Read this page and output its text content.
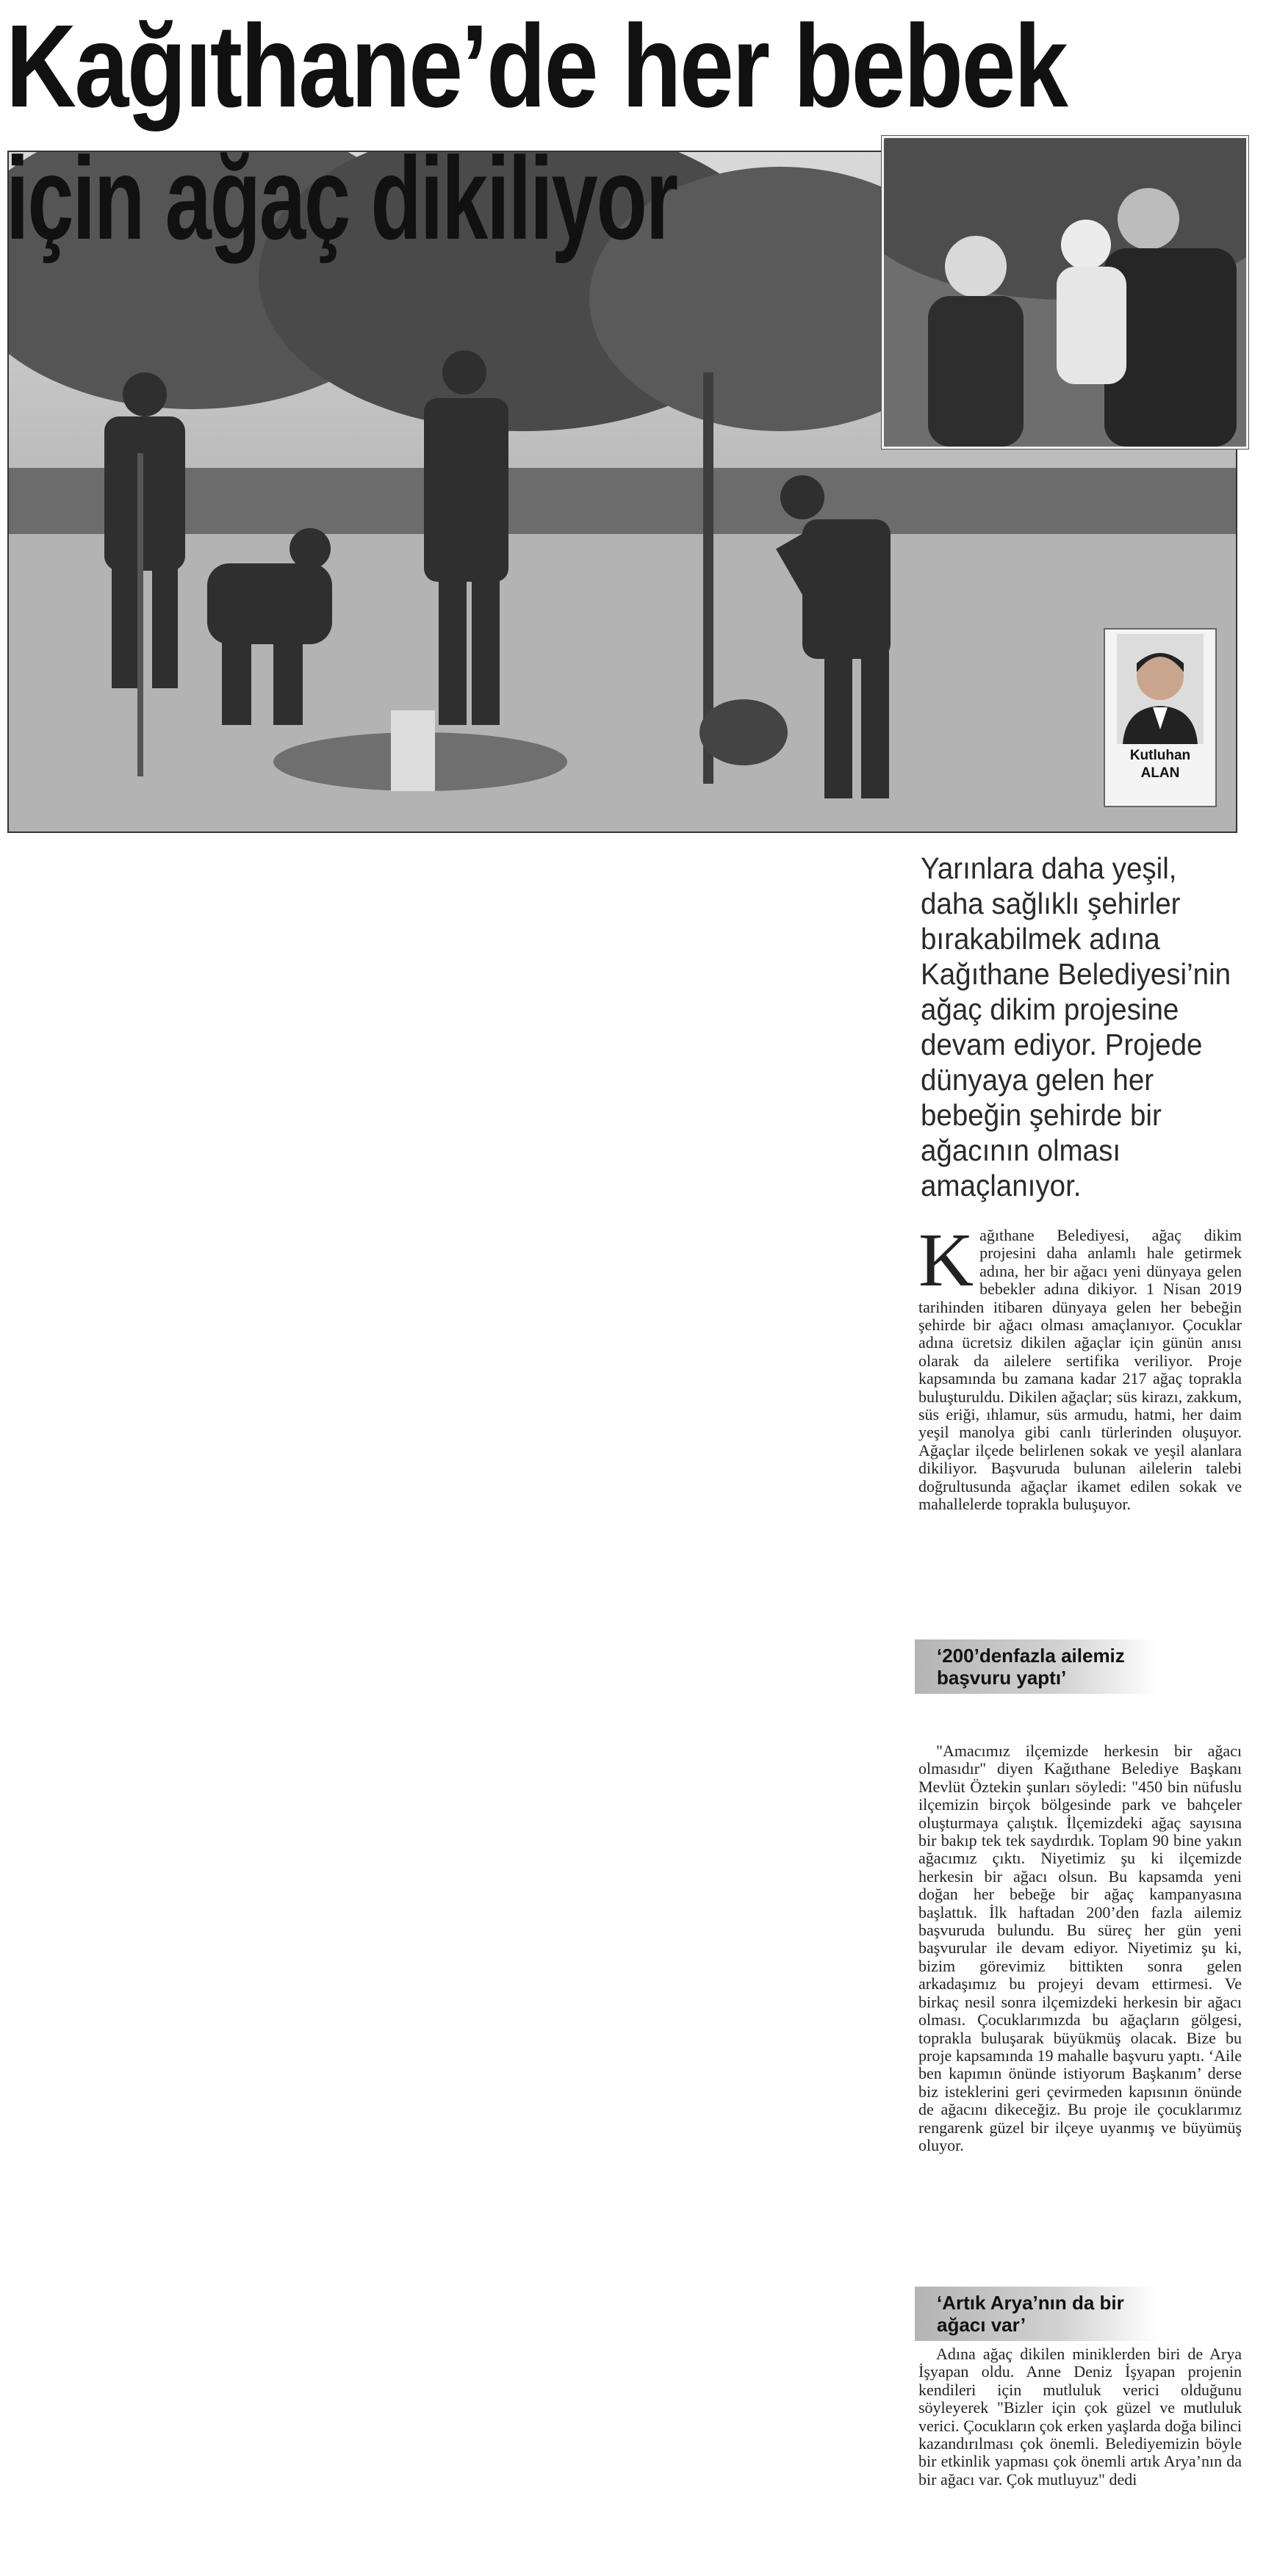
Kağıthane’de her bebek
için ağaç dikiliyor
Kutluhan
ALAN

Yarınlara daha yeşil, daha sağlıklı şehirler bırakabilmek adına Kağıthane Belediyesi’nin ağaç dikim projesine devam ediyor. Projede dünyaya gelen her bebeğin şehirde bir ağacının olması amaçlanıyor.

Kağıthane Belediyesi, ağaç dikim projesini daha anlamlı hale getirmek adına, her bir ağacı yeni dünyaya gelen bebekler adına dikiyor. 1 Nisan 2019 tarihinden itibaren dünyaya gelen her bebeğin şehirde bir ağacı olması amaçlanıyor. Çocuklar adına ücretsiz dikilen ağaçlar için günün anısı olarak da ailelere sertifika veriliyor. Proje kapsamında bu zamana kadar 217 ağaç toprakla buluşturuldu. Dikilen ağaçlar; süs kirazı, zakkum, süs eriği, ıhlamur, süs armudu, hatmi, her daim yeşil manolya gibi canlı türlerinden oluşuyor. Ağaçlar ilçede belirlenen sokak ve yeşil alanlara dikiliyor. Başvuruda bulunan ailelerin talebi doğrultusunda ağaçlar ikamet edilen sokak ve mahallelerde toprakla buluşuyor.

‘200’denfazla ailemiz başvuru yaptı’

"Amacımız ilçemizde herkesin bir ağacı olmasıdır" diyen Kağıthane Belediye Başkanı Mevlüt Öztekin şunları söyledi: "450 bin nüfuslu ilçemizin birçok bölgesinde park ve bahçeler oluşturmaya çalıştık. İlçemizdeki ağaç sayısına bir bakıp tek tek saydırdık. Toplam 90 bine yakın ağacımız çıktı. Niyetimiz şu ki ilçemizde herkesin bir ağacı olsun. Bu kapsamda yeni doğan her bebeğe bir ağaç kampanyasına başlattık. İlk haftadan 200’den fazla ailemiz başvuruda bulundu. Bu süreç her gün yeni başvurular ile devam ediyor. Niyetimiz şu ki, bizim görevimiz bittikten sonra gelen arkadaşımız bu projeyi devam ettirmesi. Ve birkaç nesil sonra ilçemizdeki herkesin bir ağacı olması. Çocuklarımızda bu ağaçların gölgesi, toprakla buluşarak büyükmüş olacak. Bize bu proje kapsamında 19 mahalle başvuru yaptı. ‘Aile ben kapımın önünde istiyorum Başkanım’ derse biz isteklerini geri çevirmeden kapısının önünde de ağacını dikeceğiz. Bu proje ile çocuklarımız rengarenk güzel bir ilçeye uyanmış ve büyümüş oluyor.

‘Artık Arya’nın da bir ağacı var’

Adına ağaç dikilen miniklerden biri de Arya İşyapan oldu. Anne Deniz İşyapan projenin kendileri için mutluluk verici olduğunu söyleyerek "Bizler için çok güzel ve mutluluk verici. Çocukların çok erken yaşlarda doğa bilinci kazandırılması çok önemli. Belediyemizin böyle bir etkinlik yapması çok önemli artık Arya’nın da bir ağacı var. Çok mutluyuz" dedi
